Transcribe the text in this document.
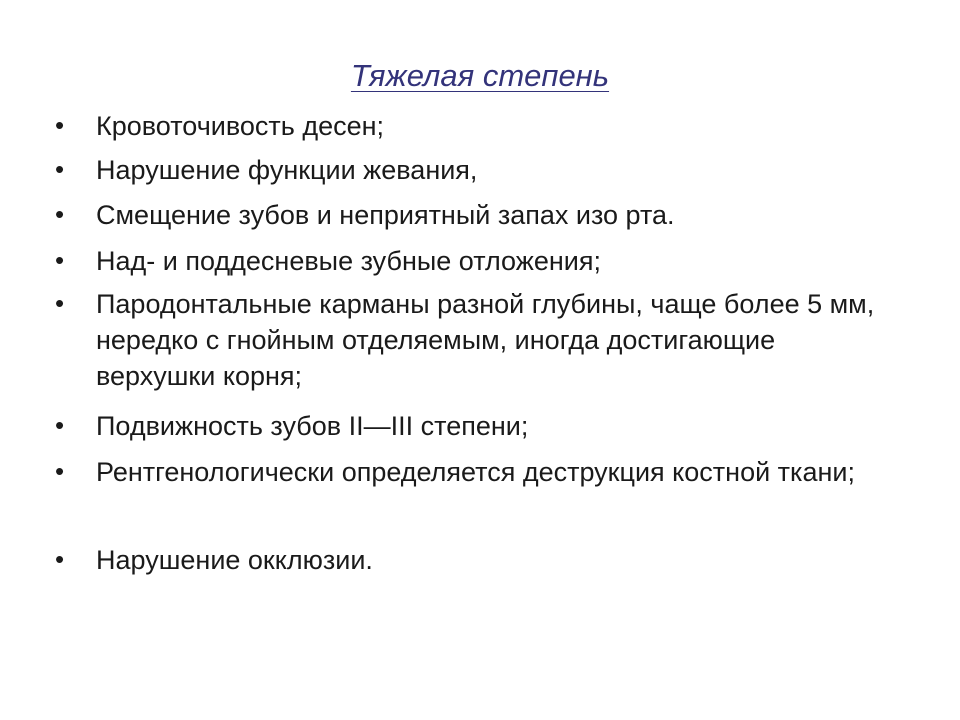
Тяжелая степень
• Кровоточивость десен;
• Нарушение функции жевания,
• Смещение зубов и неприятный запах изо рта.
• Над- и поддесневые зубные отложения;
• Пародонтальные карманы разной глубины, чаще более 5 мм, нередко с гнойным отделяемым, иногда достигающие верхушки корня;
• Подвижность зубов II—III степени;
• Рентгенологически определяется деструкция костной ткани;
• Нарушение окклюзии.
